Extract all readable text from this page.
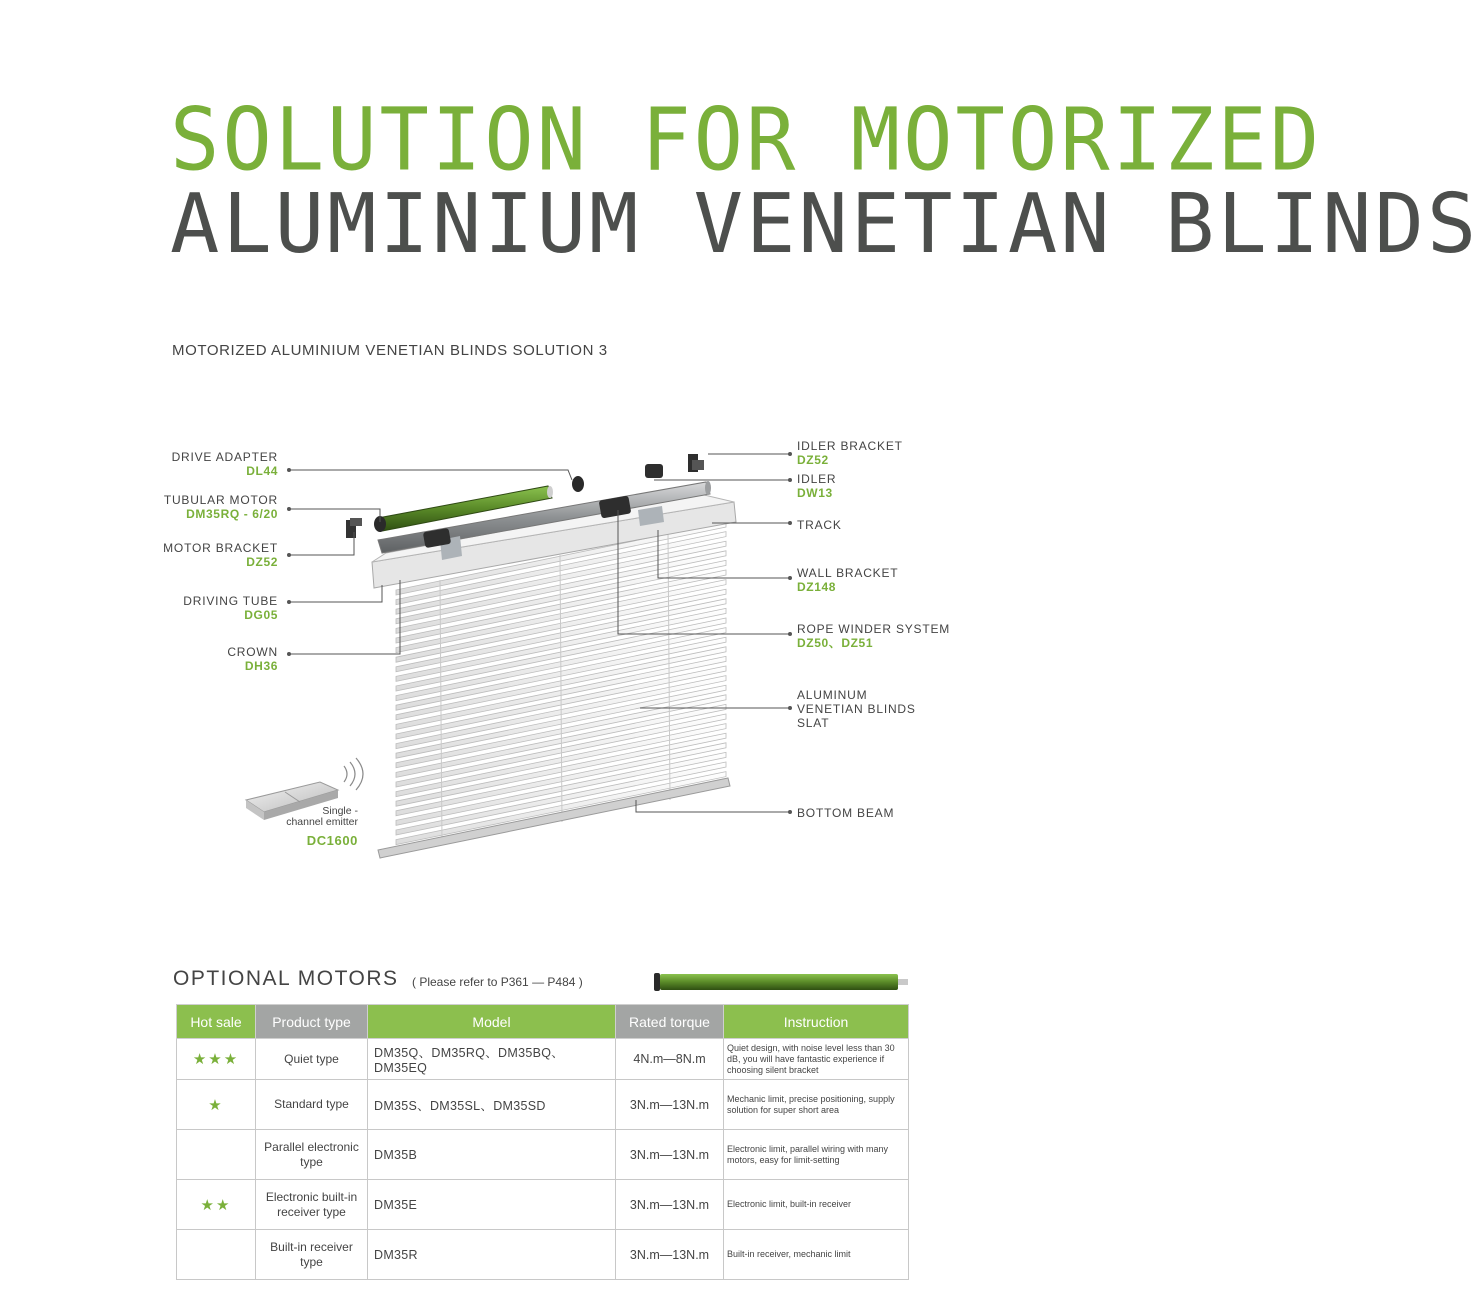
SOLUTION FOR MOTORIZED
ALUMINIUM VENETIAN BLINDS
MOTORIZED ALUMINIUM VENETIAN BLINDS SOLUTION 3
DRIVE ADAPTER
DL44
TUBULAR MOTOR
DM35RQ - 6/20
MOTOR BRACKET
DZ52
DRIVING TUBE
DG05
CROWN
DH36
IDLER BRACKET
DZ52
IDLER
DW13
TRACK
WALL BRACKET
DZ148
ROPE WINDER SYSTEM
DZ50、DZ51
ALUMINUM VENETIAN BLINDS SLAT
BOTTOM BEAM
Single -
channel emitter
DC1600
OPTIONAL MOTORS ( Please refer to P361 — P484 )
Hot sale	Product type	Model	Rated torque	Instruction
★★★	Quiet type	DM35Q、DM35RQ、DM35BQ、DM35EQ	4N.m—8N.m	Quiet design, with noise level less than 30 dB, you will have fantastic experience if choosing silent bracket
★	Standard type	DM35S、DM35SL、DM35SD	3N.m—13N.m	Mechanic limit, precise positioning, supply solution for super short area
	Parallel electronic type	DM35B	3N.m—13N.m	Electronic limit, parallel wiring with many motors, easy for limit-setting
★★	Electronic built-in receiver type	DM35E	3N.m—13N.m	Electronic limit, built-in receiver
	Built-in receiver type	DM35R	3N.m—13N.m	Built-in receiver, mechanic limit
